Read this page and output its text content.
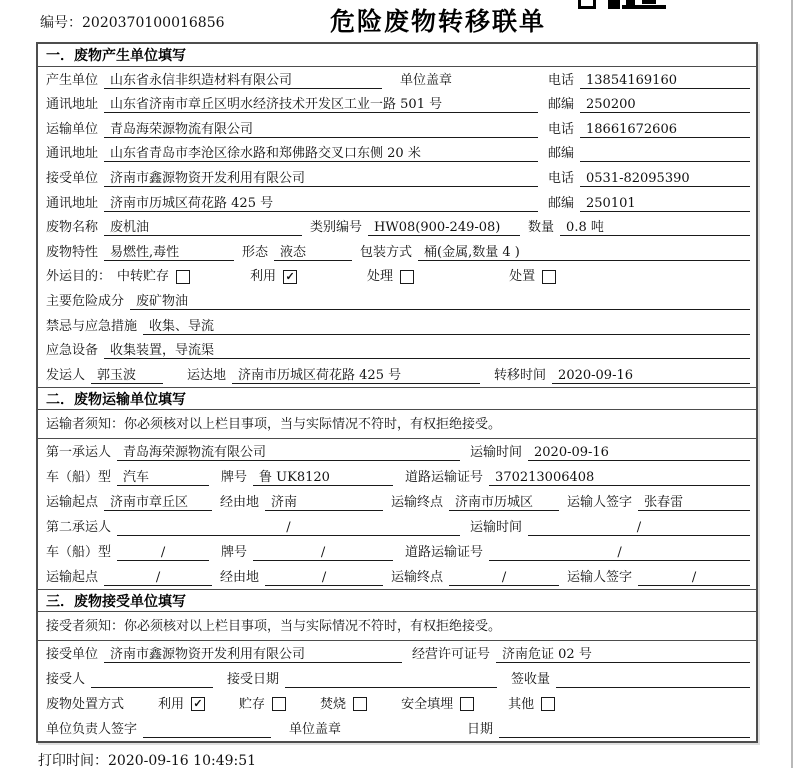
编号：2020370100016856	危险废物转移联单
一．废物产生单位填写
产生单位 山东省永信非织造材料有限公司	单位盖章	电话 13854169160
通讯地址 山东省济南市章丘区明水经济技术开发区工业一路 501 号	邮编 250200
运输单位 青岛海荣源物流有限公司	电话 18661672606
通讯地址 山东省青岛市李沧区徐水路和郑佛路交叉口东侧 20 米	邮编
接受单位 济南市鑫源物资开发利用有限公司	电话 0531-82095390
通讯地址 济南市历城区荷花路 425 号	邮编 250101
废物名称 废机油	类别编号 HW08(900-249-08)	数量 0.8 吨
废物特性 易燃性,毒性	形态 液态	包装方式 桶(金属,数量 4 )
外运目的： 中转贮存	利用 ✓	处理	处置
主要危险成分 废矿物油
禁忌与应急措施 收集、导流
应急设备 收集装置，导流渠
发运人 郭玉波	运达地 济南市历城区荷花路 425 号	转移时间 2020-09-16
二．废物运输单位填写
运输者须知：你必须核对以上栏目事项，当与实际情况不符时，有权拒绝接受。
第一承运人 青岛海荣源物流有限公司	运输时间 2020-09-16
车（船）型 汽车	牌号 鲁 UK8120	道路运输证号 370213006408
运输起点 济南市章丘区	经由地 济南	运输终点 济南市历城区	运输人签字 张春雷
第二承运人	/	运输时间	/
车（船）型	/	牌号	/	道路运输证号	/
运输起点	/	经由地	/	运输终点	/	运输人签字	/
三．废物接受单位填写
接受者须知：你必须核对以上栏目事项，当与实际情况不符时，有权拒绝接受。
接受单位 济南市鑫源物资开发利用有限公司	经营许可证号 济南危证 02 号
接受人	接受日期	签收量
废物处置方式	利用 ✓	贮存	焚烧	安全填埋	其他
单位负责人签字	单位盖章	日期
打印时间：2020-09-16 10:49:51
